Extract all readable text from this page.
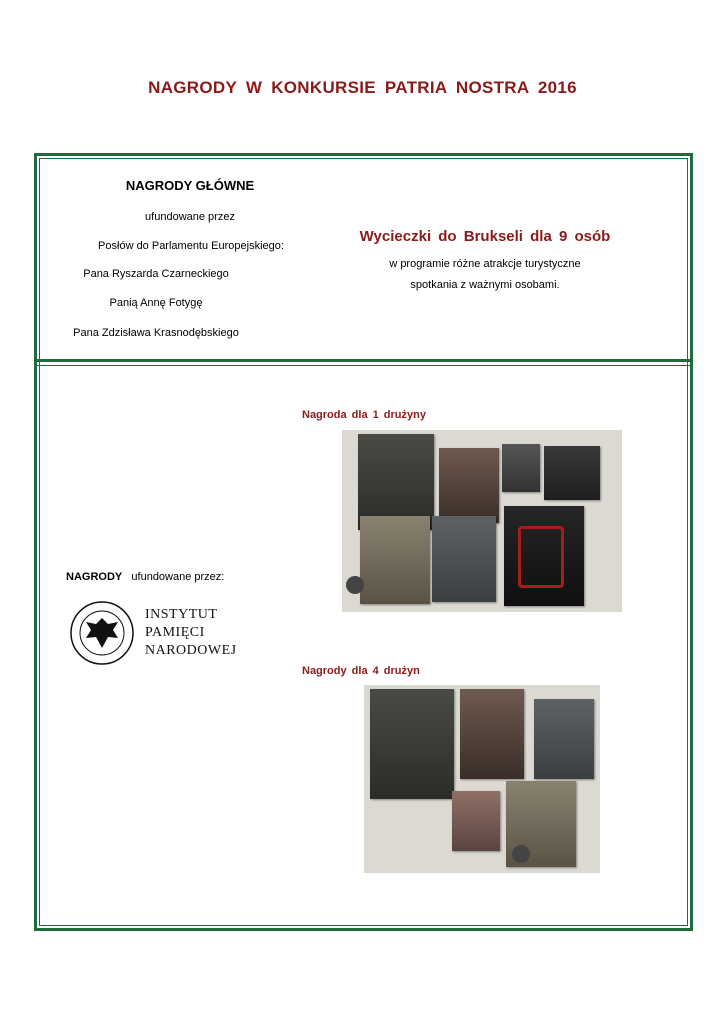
NAGRODY W KONKURSIE PATRIA NOSTRA 2016
NAGRODY GŁÓWNE
ufundowane przez
Posłów do Parlamentu Europejskiego:
Pana Ryszarda Czarneckiego
Panią Annę Fotygę
Pana Zdzisława Krasnodębskiego
Wycieczki do Brukseli dla 9 osób
w programie różne atrakcje turystyczne
spotkania z ważnymi osobami.
Nagroda dla 1 drużyny
NAGRODY ufundowane przez:
INSTYTUT
PAMIĘCI
NARODOWEJ
Nagrody dla 4 drużyn
